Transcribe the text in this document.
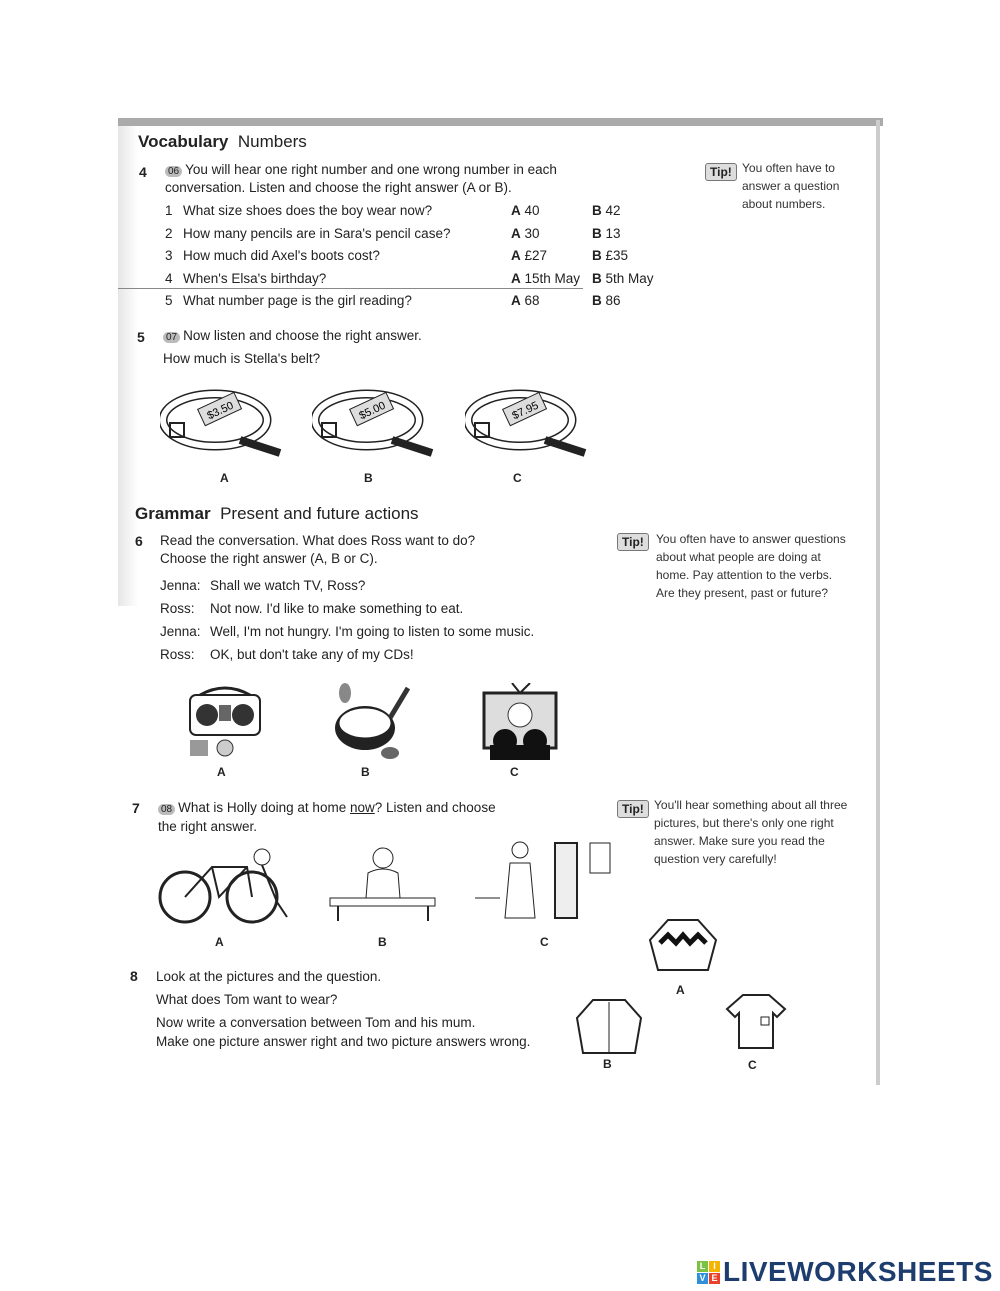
Vocabulary Numbers
4	06 You will hear one right number and one wrong number in each
conversation. Listen and choose the right answer (A or B).
1 What size shoes does the boy wear now?	A 40	B 42
2 How many pencils are in Sara's pencil case?	A 30	B 13
3 How much did Axel's boots cost?	A £27	B £35
4 When's Elsa's birthday?	A 15th May B 5th May
5 What number page is the girl reading?	A 68	B 86
Tip! You often have to
answer a question
about numbers.
5	07 Now listen and choose the right answer.
How much is Stella's belt?
$3.50
A
$5.00
B
$7.95
C
Grammar Present and future actions
6 Read the conversation. What does Ross want to do?
Choose the right answer (A, B or C).
Jenna: Shall we watch TV, Ross?
Ross: Not now. I'd like to make something to eat.
Jenna: Well, I'm not hungry. I'm going to listen to some music.
Ross: OK, but don't take any of my CDs!
Tip!	You often have to answer questions
about what people are doing at
home. Pay attention to the verbs.
Are they present, past or future?
A	B	C
7	08 What is Holly doing at home now? Listen and choose
the right answer.
Tip! You'll hear something about all three
pictures, but there's only one right
answer. Make sure you read the
question very carefully!
A	B	C
8 Look at the pictures and the question.
What does Tom want to wear?
Now write a conversation between Tom and his mum.
Make one picture answer right and two picture answers wrong.
A
B	C
L I
V E LIVEWORKSHEETS
